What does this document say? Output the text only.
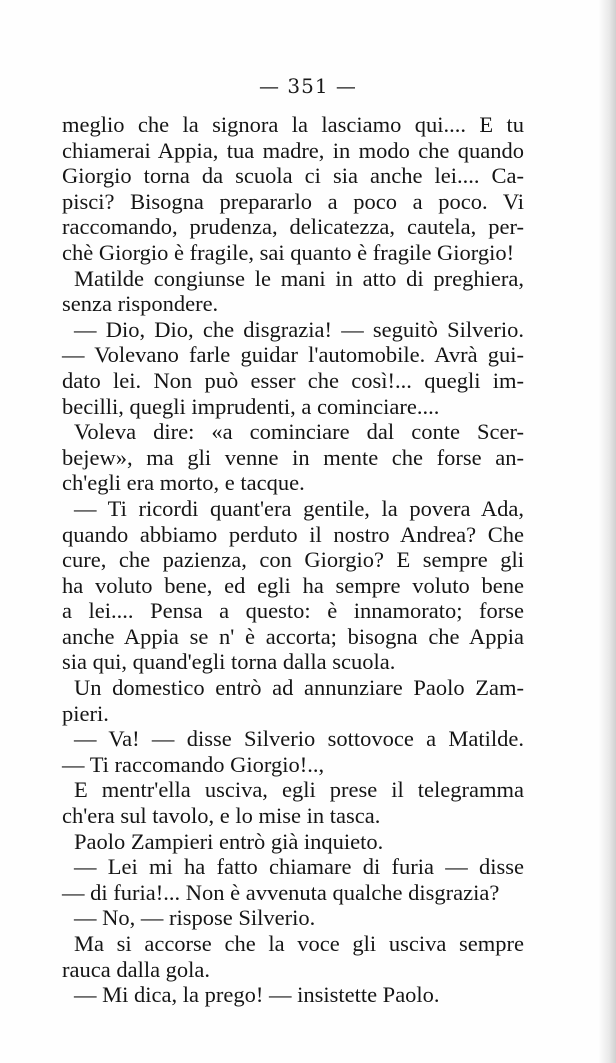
— 351 —
meglio che la signora la lasciamo qui.... E tu
chiamerai Appia, tua madre, in modo che quando
Giorgio torna da scuola ci sia anche lei.... Ca-
pisci? Bisogna prepararlo a poco a poco. Vi
raccomando, prudenza, delicatezza, cautela, per-
chè Giorgio è fragile, sai quanto è fragile Giorgio!
Matilde congiunse le mani in atto di preghiera,
senza rispondere.
— Dio, Dio, che disgrazia! — seguitò Silverio.
— Volevano farle guidar l'automobile. Avrà gui-
dato lei. Non può esser che così!... quegli im-
becilli, quegli imprudenti, a cominciare....
Voleva dire: «a cominciare dal conte Scer-
bejew», ma gli venne in mente che forse an-
ch'egli era morto, e tacque.
— Ti ricordi quant'era gentile, la povera Ada,
quando abbiamo perduto il nostro Andrea? Che
cure, che pazienza, con Giorgio? E sempre gli
ha voluto bene, ed egli ha sempre voluto bene
a lei.... Pensa a questo: è innamorato; forse
anche Appia se n' è accorta; bisogna che Appia
sia qui, quand'egli torna dalla scuola.
Un domestico entrò ad annunziare Paolo Zam-
pieri.
— Va! — disse Silverio sottovoce a Matilde.
— Ti raccomando Giorgio!..,
E mentr'ella usciva, egli prese il telegramma
ch'era sul tavolo, e lo mise in tasca.
Paolo Zampieri entrò già inquieto.
— Lei mi ha fatto chiamare di furia — disse
— di furia!... Non è avvenuta qualche disgrazia?
— No, — rispose Silverio.
Ma si accorse che la voce gli usciva sempre
rauca dalla gola.
— Mi dica, la prego! — insistette Paolo.
